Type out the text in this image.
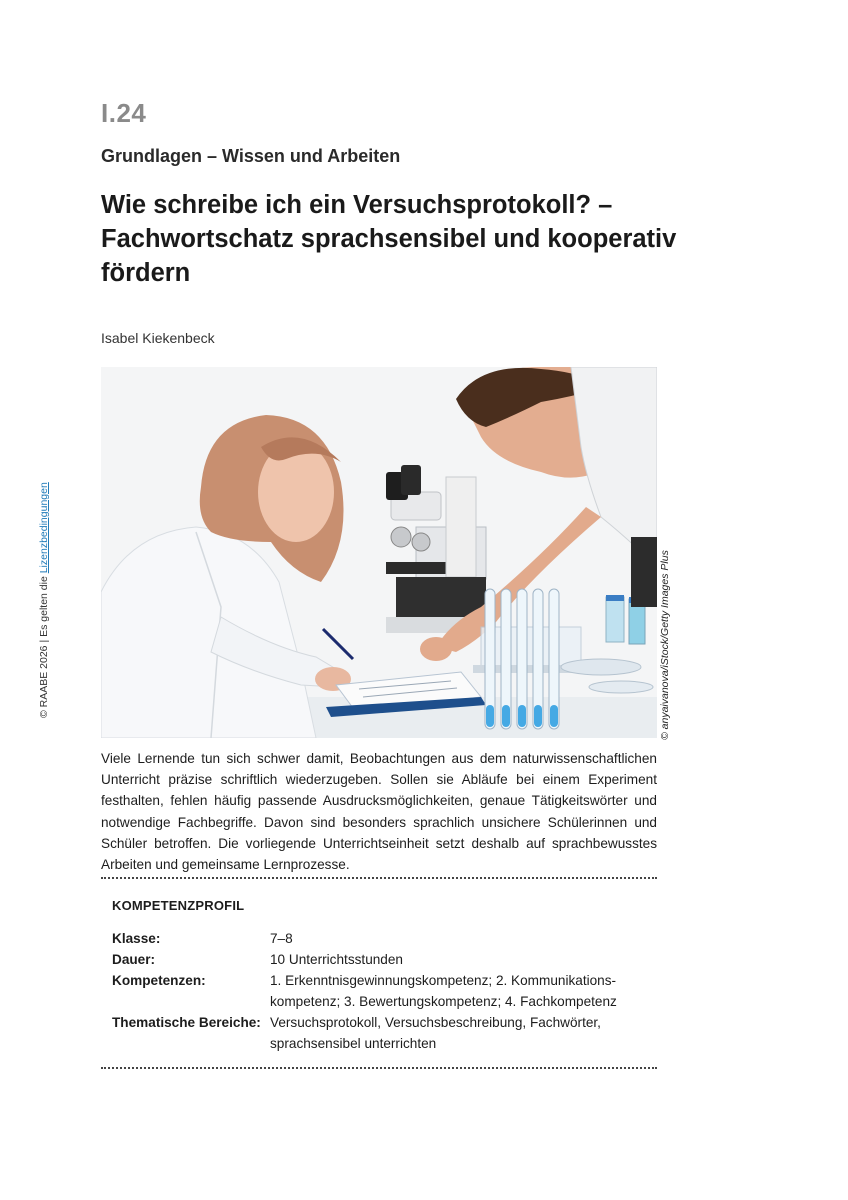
I.24
Grundlagen – Wissen und Arbeiten
Wie schreibe ich ein Versuchsprotokoll? –
Fachwortschatz sprachsensibel und kooperativ
fördern
Isabel Kiekenbeck
© anyaivanova/iStock/Getty Images Plus
© RAABE 2026 | Es gelten die Lizenzbedingungen

Viele Lernende tun sich schwer damit, Beobachtungen aus dem naturwissenschaftlichen Unterricht präzise schriftlich wiederzugeben. Sollen sie Abläufe bei einem Experiment festhalten, fehlen häufig passende Ausdrucksmöglichkeiten, genaue Tätigkeitswörter und notwendige Fachbegriffe. Davon sind besonders sprachlich unsichere Schülerinnen und Schüler betroffen. Die vorliegende Unterrichtseinheit setzt deshalb auf sprachbewusstes Arbeiten und gemeinsame Lernprozesse.

KOMPETENZPROFIL
Klasse:	7–8
Dauer:	10 Unterrichtsstunden
Kompetenzen:	1. Erkenntnisgewinnungskompetenz; 2. Kommunikations-kompetenz; 3. Bewertungskompetenz; 4. Fachkompetenz
Thematische Bereiche: Versuchsprotokoll, Versuchsbeschreibung, Fachwörter, sprachsensibel unterrichten
